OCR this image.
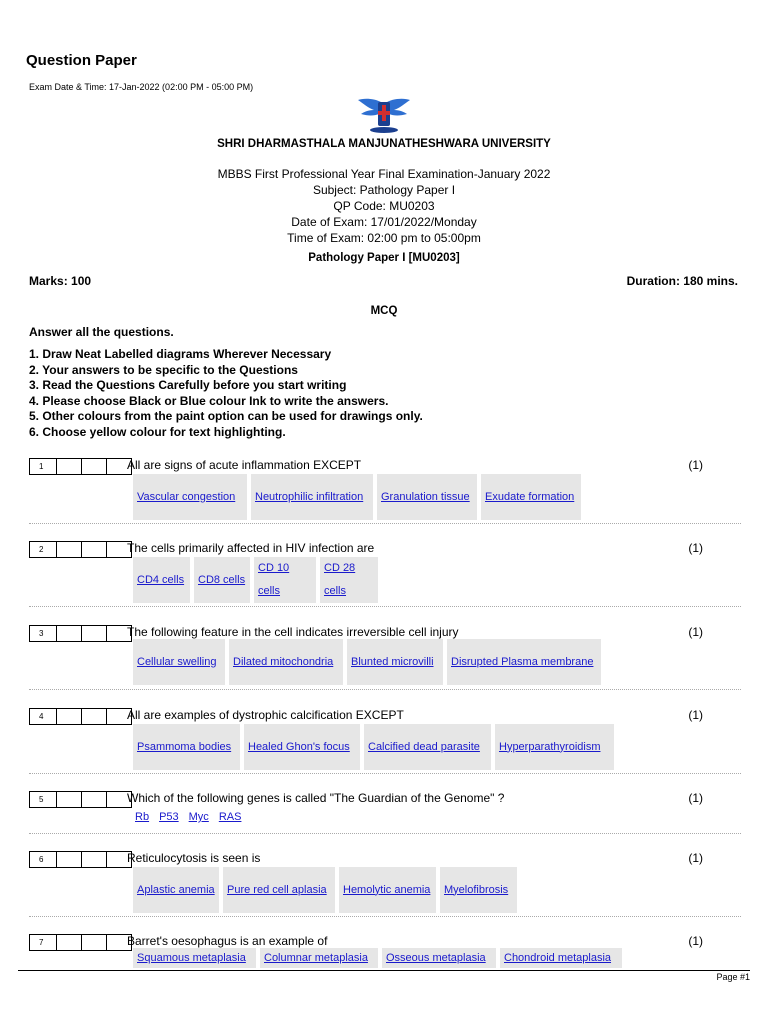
Question Paper
Exam Date & Time: 17-Jan-2022 (02:00 PM - 05:00 PM)
SHRI DHARMASTHALA MANJUNATHESHWARA UNIVERSITY
MBBS First Professional Year Final Examination-January 2022
Subject: Pathology Paper I
QP Code: MU0203
Date of Exam: 17/01/2022/Monday
Time of Exam: 02:00 pm to 05:00pm
Pathology Paper I [MU0203]
Marks: 100	Duration: 180 mins.
MCQ
Answer all the questions.
1. Draw Neat Labelled diagrams Wherever Necessary
2. Your answers to be specific to the Questions
3. Read the Questions Carefully before you start writing
4. Please choose Black or Blue colour Ink to write the answers.
5. Other colours from the paint option can be used for drawings only.
6. Choose yellow colour for text highlighting.
1	All are signs of acute inflammation EXCEPT	(1)
Vascular congestion Neutrophilic infiltration Granulation tissue Exudate formation
2	The cells primarily affected in HIV infection are	(1)
CD4 cells CD8 cells
CD 10 cells
CD 28 cells
3	The following feature in the cell indicates irreversible cell injury	(1)
Cellular swelling Dilated mitochondria Blunted microvilli Disrupted Plasma membrane
4	All are examples of dystrophic calcification EXCEPT	(1)
Psammoma bodies Healed Ghon's focus Calcified dead parasite Hyperparathyroidism
5	Which of the following genes is called "The Guardian of the Genome" ?	(1)
Rb P53 Myc RAS
6	Reticulocytosis is seen is	(1)
Aplastic anemia Pure red cell aplasia Hemolytic anemia Myelofibrosis
7	Barret's oesophagus is an example of	(1)
Squamous metaplasia Columnar metaplasia Osseous metaplasia Chondroid metaplasia
Page #1
